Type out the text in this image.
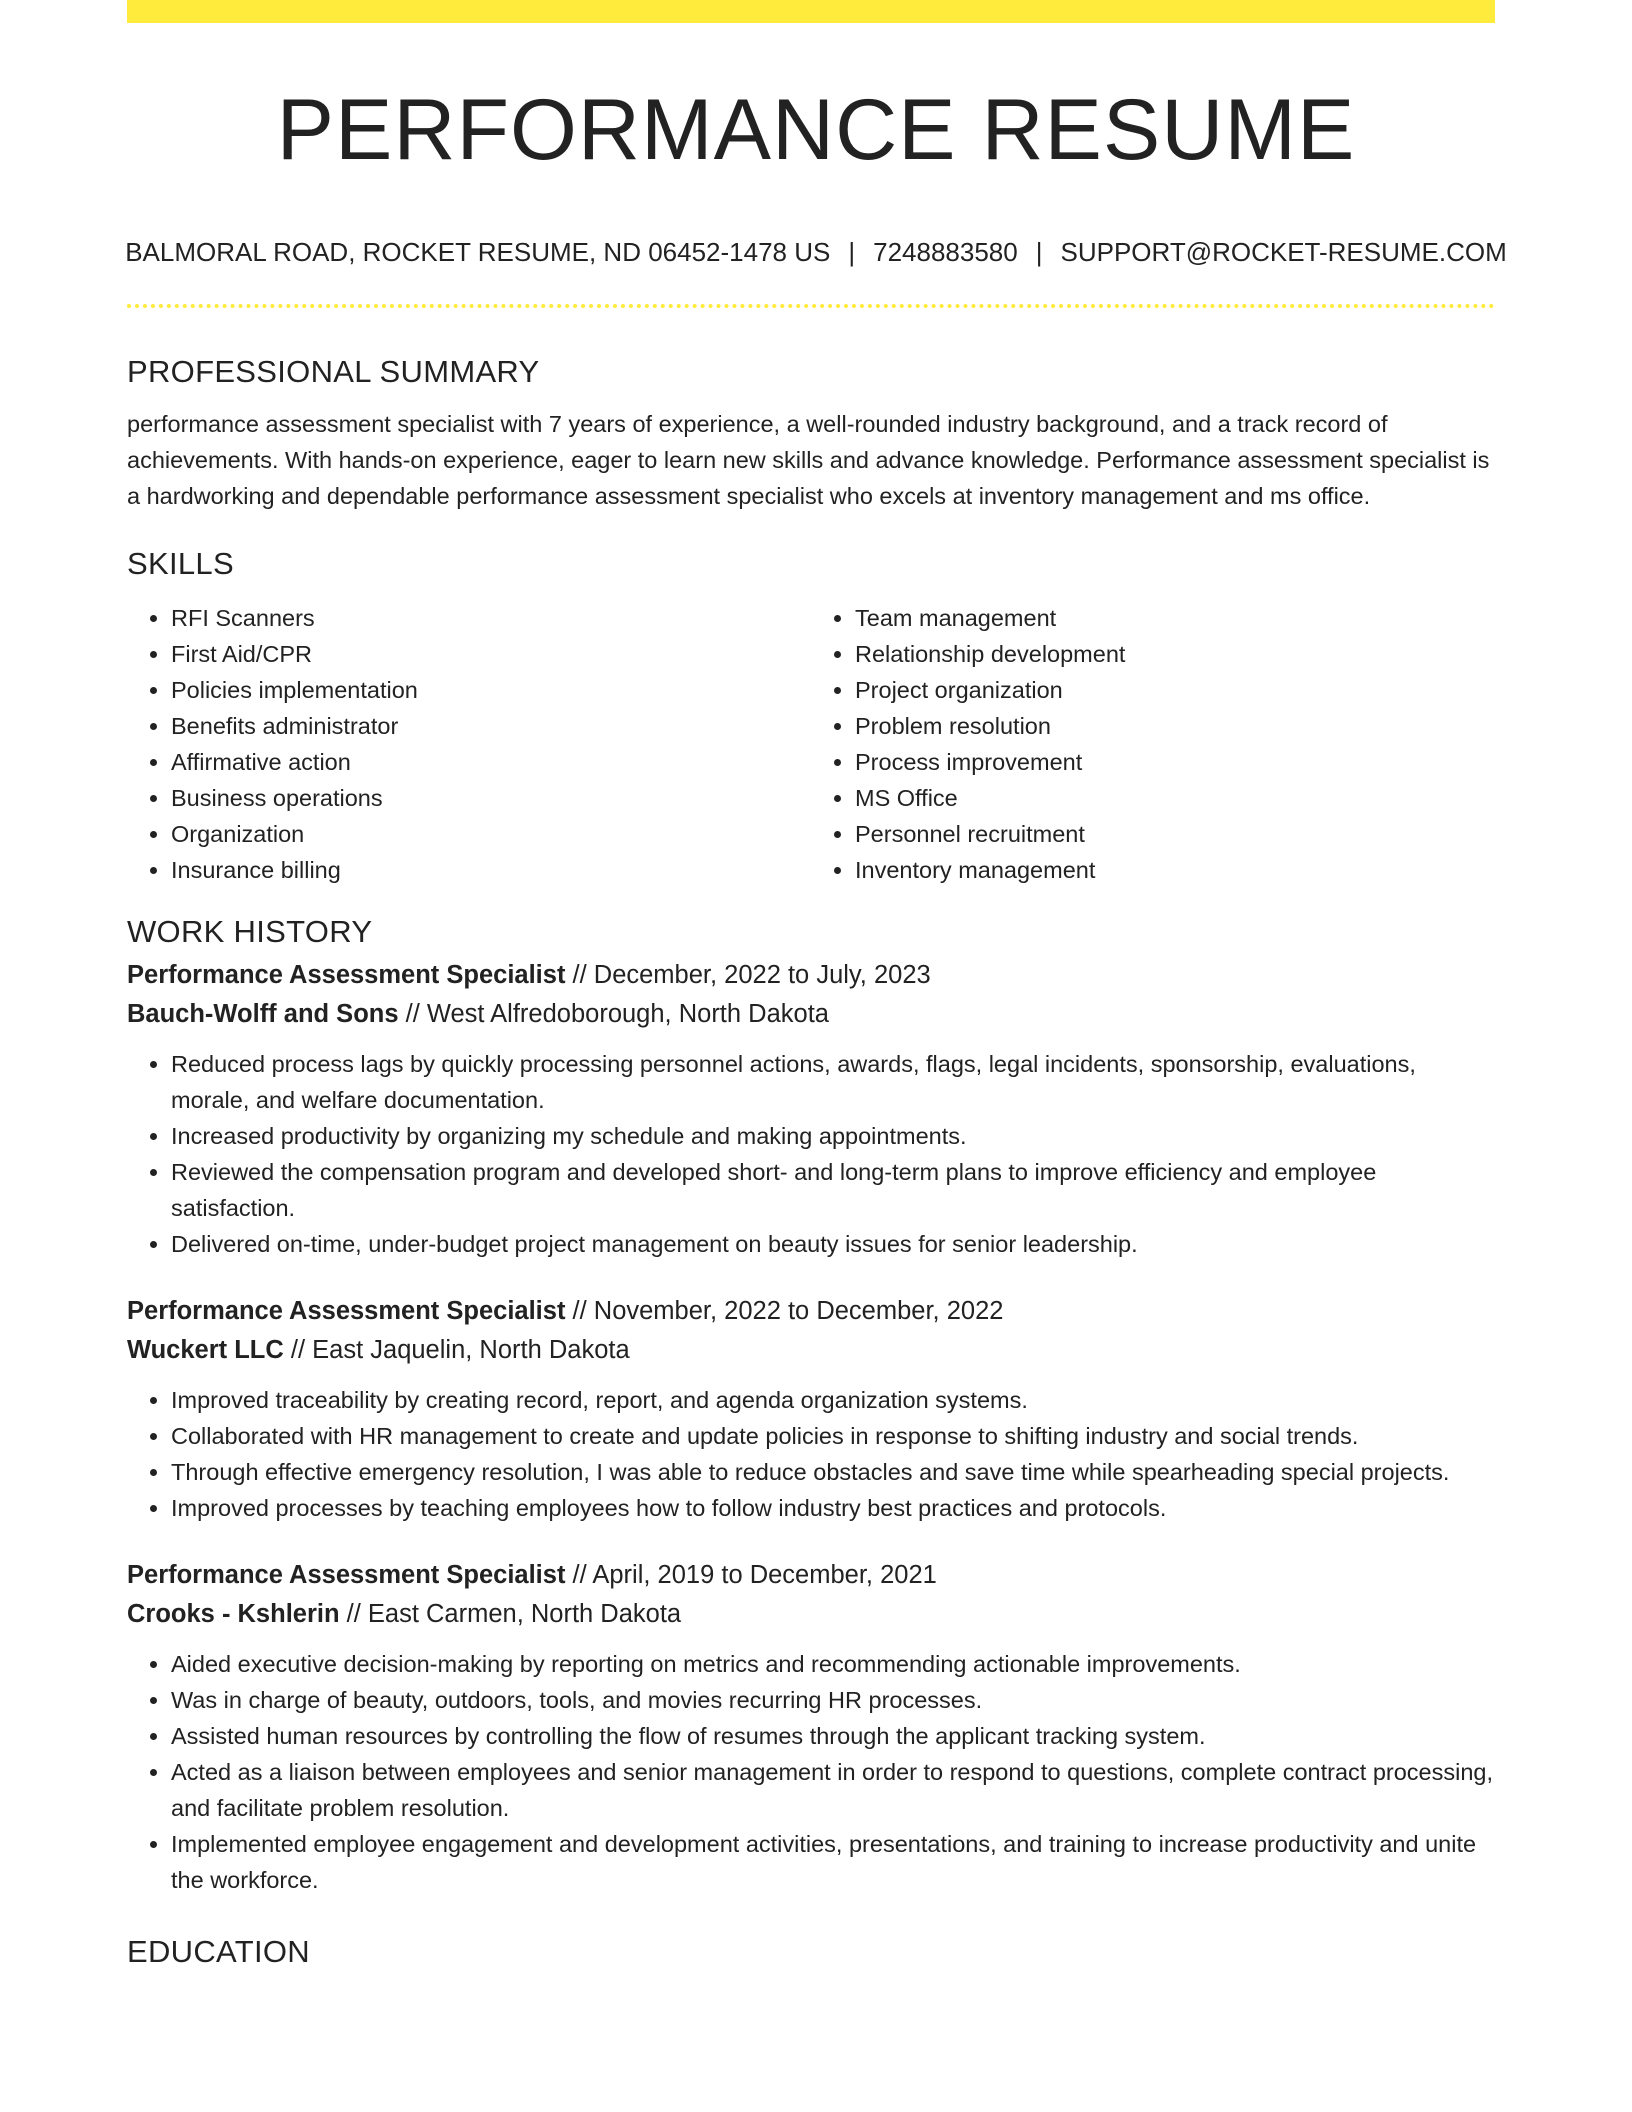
PERFORMANCE RESUME
BALMORAL ROAD, ROCKET RESUME, ND 06452-1478 US | 7248883580 | SUPPORT@ROCKET-RESUME.COM
PROFESSIONAL SUMMARY

performance assessment specialist with 7 years of experience, a well-rounded industry background, and a track record of achievements. With hands-on experience, eager to learn new skills and advance knowledge. Performance assessment specialist is a hardworking and dependable performance assessment specialist who excels at inventory management and ms office.

SKILLS
• RFI Scanners
• First Aid/CPR
• Policies implementation
• Benefits administrator
• Affirmative action
• Business operations
• Organization
• Insurance billing
• Team management
• Relationship development
• Project organization
• Problem resolution
• Process improvement
• MS Office
• Personnel recruitment
• Inventory management
WORK HISTORY
Performance Assessment Specialist // December, 2022 to July, 2023
Bauch-Wolff and Sons // West Alfredoborough, North Dakota
• Reduced process lags by quickly processing personnel actions, awards, flags, legal incidents, sponsorship, evaluations, morale, and welfare documentation.
• Increased productivity by organizing my schedule and making appointments.
• Reviewed the compensation program and developed short- and long-term plans to improve efficiency and employee satisfaction.
• Delivered on-time, under-budget project management on beauty issues for senior leadership.
Performance Assessment Specialist // November, 2022 to December, 2022
Wuckert LLC // East Jaquelin, North Dakota
• Improved traceability by creating record, report, and agenda organization systems.
• Collaborated with HR management to create and update policies in response to shifting industry and social trends.
• Through effective emergency resolution, I was able to reduce obstacles and save time while spearheading special projects.
• Improved processes by teaching employees how to follow industry best practices and protocols.
Performance Assessment Specialist // April, 2019 to December, 2021
Crooks - Kshlerin // East Carmen, North Dakota
• Aided executive decision-making by reporting on metrics and recommending actionable improvements.
• Was in charge of beauty, outdoors, tools, and movies recurring HR processes.
• Assisted human resources by controlling the flow of resumes through the applicant tracking system.
• Acted as a liaison between employees and senior management in order to respond to questions, complete contract processing, and facilitate problem resolution.
• Implemented employee engagement and development activities, presentations, and training to increase productivity and unite the workforce.
EDUCATION
